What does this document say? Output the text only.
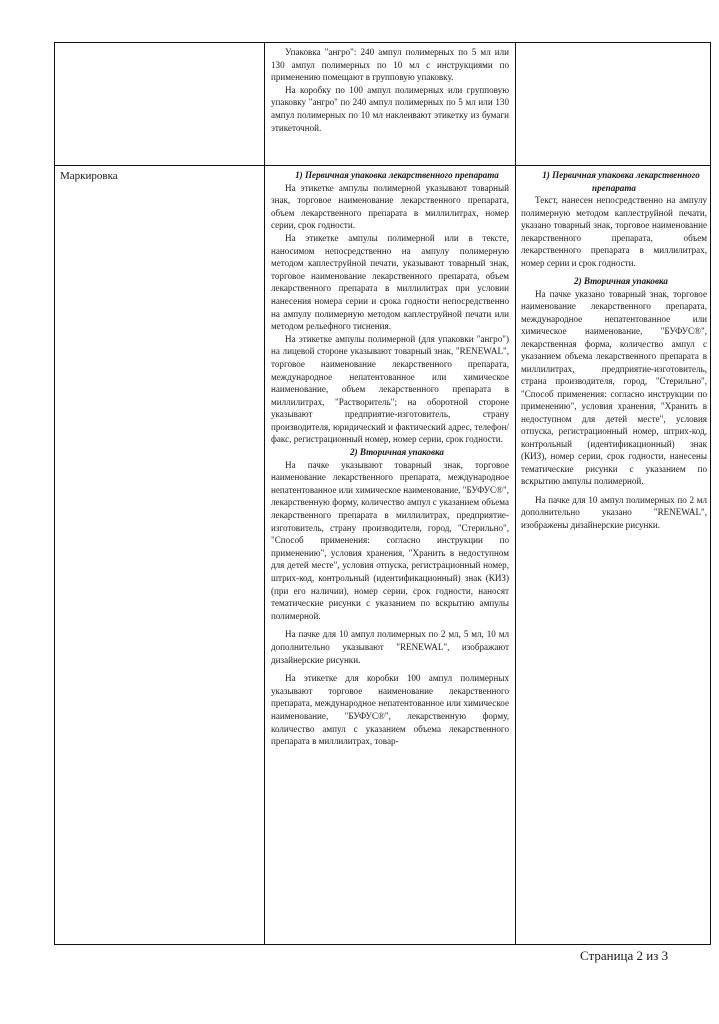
Упаковка "ангро": 240 ампул полимерных по 5 мл или 130 ампул полимерных по 10 мл с инструкциями по применению помещают в групповую упаковку.

На коробку по 100 ампул полимерных или групповую упаковку "ангро" по 240 ампул полимерных по 5 мл или 130 ампул полимерных по 10 мл наклеивают этикетку из бумаги этикеточной.

Маркировка	1) Первичная упаковка лекарственного препарата

На этикетке ампулы полимерной указывают товарный знак, торговое наименование лекарственного препарата, объем лекарственного препарата в миллилитрах, номер серии, срок годности.

На этикетке ампулы полимерной или в тексте, наносимом непосредственно на ампулу полимерную методом каплеструйной печати, указывают товарный знак, торговое наименование лекарственного препарата, объем лекарственного препарата в миллилитрах при условии нанесения номера серии и срока годности непосредственно на ампулу полимерную методом каплеструйной печати или методом рельефного тиснения.

На этикетке ампулы полимерной (для упаковки "ангро") на лицевой стороне указывают товарный знак, "RENEWAL", торговое наименование лекарственного препарата, международное непатентованное или химическое наименование, объем лекарственного препарата в миллилитрах, "Растворитель"; на оборотной стороне указывают предприятие-изготовитель, страну производителя, юридический и фактический адрес, телефон/факс, регистрационный номер, номер серии, срок годности.

2) Вторичная упаковка

На пачке указывают товарный знак, торговое наименование лекарственного препарата, международное непатентованное или химическое наименование, "БУФУС®", лекарственную форму, количество ампул с указанием объема лекарственного препарата в миллилитрах, предприятие-изготовитель, страну производителя, город, "Стерильно", "Способ применения: согласно инструкции по применению", условия хранения, "Хранить в недоступном для детей месте", условия отпуска, регистрационный номер, штрих-код, контрольный (идентификационный) знак (КИЗ) (при его наличии), номер серии, срок годности, наносят тематические рисунки с указанием по вскрытию ампулы полимерной.

На пачке для 10 ампул полимерных по 2 мл, 5 мл, 10 мл дополнительно указывают "RENEWAL", изображают дизайнерские рисунки.

На этикетке для коробки 100 ампул полимерных указывают торговое наименование лекарственного препарата, международное непатентованное или химическое наименование, "БУФУС®", лекарственную форму, количество ампул с указанием объема лекарственного препарата в миллилитрах, товар-

1) Первичная упаковка лекарственного препарата

Текст, нанесен непосредственно на ампулу полимерную методом каплеструйной печати, указано товарный знак, торговое наименование лекарственного препарата, объем лекарственного препарата в миллилитрах, номер серии и срок годности.

2) Вторичная упаковка

На пачке указано товарный знак, торговое наименование лекарственного препарата, международное непатентованное или химическое наименование, "БУФУС®", лекарственная форма, количество ампул с указанием объема лекарственного препарата в миллилитрах, предприятие-изготовитель, страна производителя, город, "Стерильно", "Способ применения: согласно инструкции по применению", условия хранения, "Хранить в недоступном для детей месте", условия отпуска, регистрационный номер, штрих-код, контрольный (идентификационный) знак (КИЗ), номер серии, срок годности, нанесены тематические рисунки с указанием по вскрытию ампулы полимерной.

На пачке для 10 ампул полимерных по 2 мл дополнительно указано "RENEWAL", изображены дизайнерские рисунки.

Страница 2 из 3
